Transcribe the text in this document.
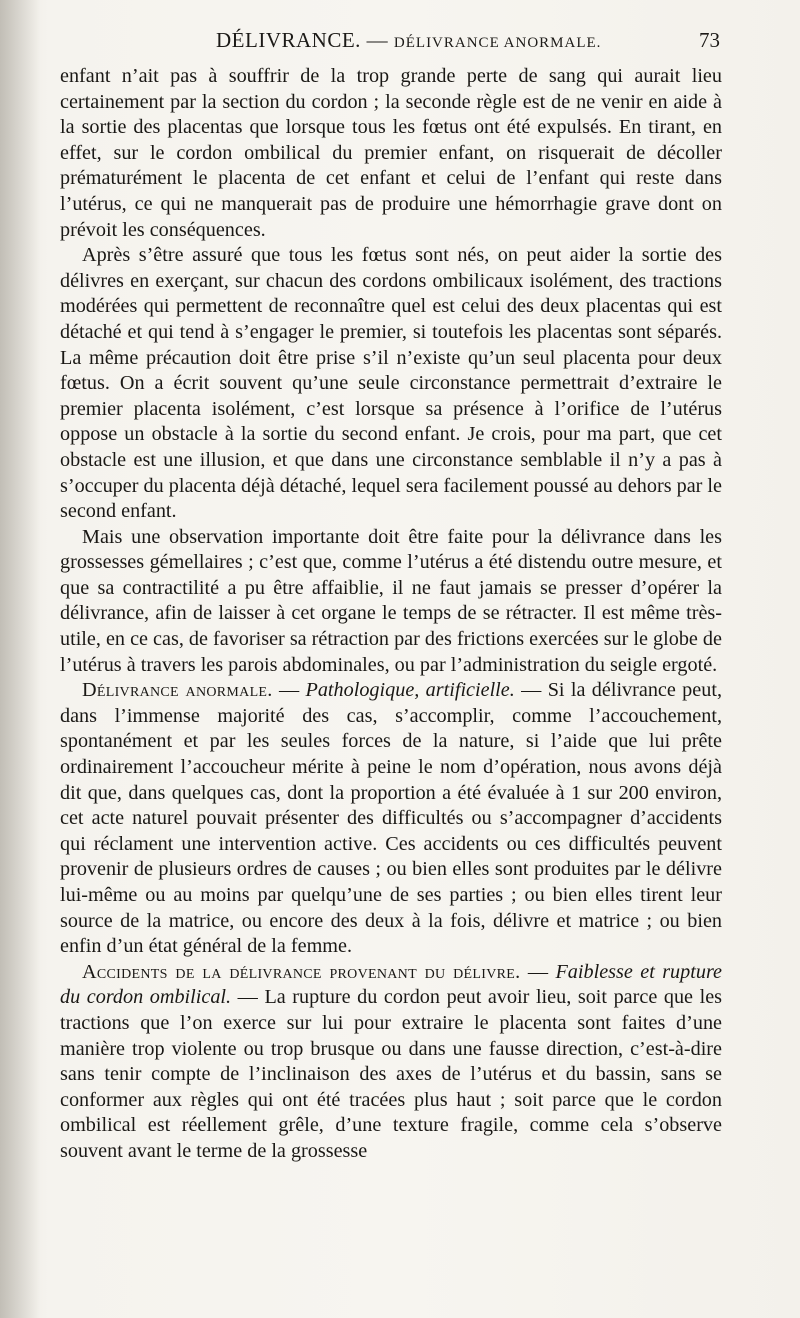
DÉLIVRANCE. — DÉLIVRANCE ANORMALE.	73

enfant n’ait pas à souffrir de la trop grande perte de sang qui aurait lieu certainement par la section du cordon ; la seconde règle est de ne venir en aide à la sortie des placentas que lorsque tous les fœtus ont été expulsés. En tirant, en effet, sur le cordon ombilical du premier enfant, on risquerait de décoller prématurément le placenta de cet enfant et celui de l’enfant qui reste dans l’utérus, ce qui ne manquerait pas de produire une hémorrhagie grave dont on prévoit les conséquences.

Après s’être assuré que tous les fœtus sont nés, on peut aider la sortie des délivres en exerçant, sur chacun des cordons ombilicaux isolément, des tractions modérées qui permettent de reconnaître quel est celui des deux placentas qui est détaché et qui tend à s’engager le premier, si toutefois les placentas sont séparés. La même précaution doit être prise s’il n’existe qu’un seul placenta pour deux fœtus. On a écrit souvent qu’une seule circonstance permettrait d’extraire le premier placenta isolément, c’est lorsque sa présence à l’orifice de l’utérus oppose un obstacle à la sortie du second enfant. Je crois, pour ma part, que cet obstacle est une illusion, et que dans une circonstance semblable il n’y a pas à s’occuper du placenta déjà détaché, lequel sera facilement poussé au dehors par le second enfant.

Mais une observation importante doit être faite pour la délivrance dans les grossesses gémellaires ; c’est que, comme l’utérus a été distendu outre mesure, et que sa contractilité a pu être affaiblie, il ne faut jamais se presser d’opérer la délivrance, afin de laisser à cet organe le temps de se rétracter. Il est même très-utile, en ce cas, de favoriser sa rétraction par des frictions exercées sur le globe de l’utérus à travers les parois abdominales, ou par l’administration du seigle ergoté.

Délivrance anormale. — Pathologique, artificielle. — Si la délivrance peut, dans l’immense majorité des cas, s’accomplir, comme l’accouchement, spontanément et par les seules forces de la nature, si l’aide que lui prête ordinairement l’accoucheur mérite à peine le nom d’opération, nous avons déjà dit que, dans quelques cas, dont la proportion a été évaluée à 1 sur 200 environ, cet acte naturel pouvait présenter des difficultés ou s’accompagner d’accidents qui réclament une intervention active. Ces accidents ou ces difficultés peuvent provenir de plusieurs ordres de causes ; ou bien elles sont produites par le délivre lui-même ou au moins par quelqu’une de ses parties ; ou bien elles tirent leur source de la matrice, ou encore des deux à la fois, délivre et matrice ; ou bien enfin d’un état général de la femme.

Accidents de la délivrance provenant du délivre. — Faiblesse et rupture du cordon ombilical. — La rupture du cordon peut avoir lieu, soit parce que les tractions que l’on exerce sur lui pour extraire le placenta sont faites d’une manière trop violente ou trop brusque ou dans une fausse direction, c’est-à-dire sans tenir compte de l’inclinaison des axes de l’utérus et du bassin, sans se conformer aux règles qui ont été tracées plus haut ; soit parce que le cordon ombilical est réellement grêle, d’une texture fragile, comme cela s’observe souvent avant le terme de la grossesse
